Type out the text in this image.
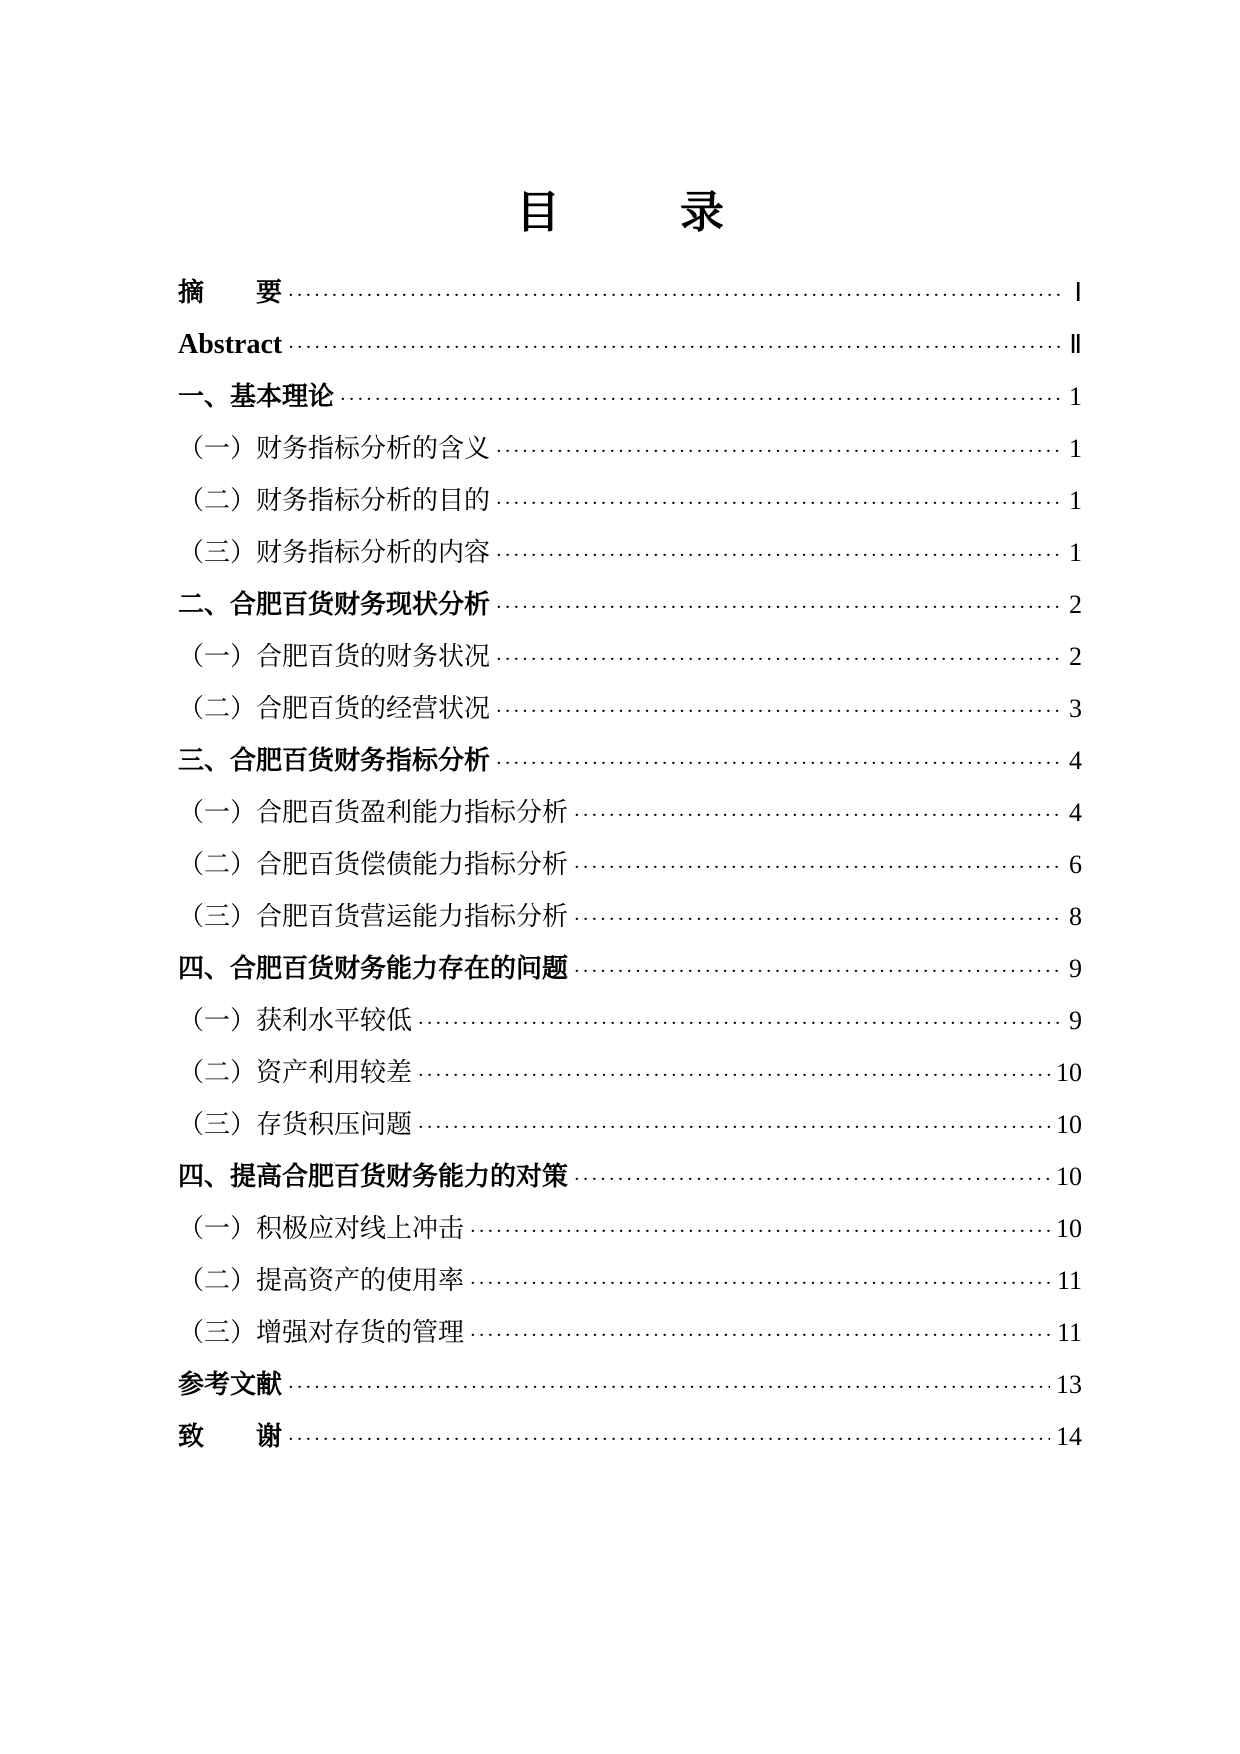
目	录
摘　　要 ·····	Ⅰ
Abstract ·····	Ⅱ
一、基本理论 ·····	1
（一）财务指标分析的含义 ·····	1
（二）财务指标分析的目的 ·····	1
（三）财务指标分析的内容 ·····	1
二、合肥百货财务现状分析 ·····	2
（一）合肥百货的财务状况 ·····	2
（二）合肥百货的经营状况 ·····	3
三、合肥百货财务指标分析 ·····	4
（一）合肥百货盈利能力指标分析 ·····	4
（二）合肥百货偿债能力指标分析 ·····	6
（三）合肥百货营运能力指标分析 ·····	8
四、合肥百货财务能力存在的问题 ·····	9
（一）获利水平较低 ·····	9
（二）资产利用较差 ·····	10
（三）存货积压问题 ·····	10
四、提高合肥百货财务能力的对策 ·····	10
（一）积极应对线上冲击 ·····	10
（二）提高资产的使用率 ·····	11
（三）增强对存货的管理 ·····	11
参考文献 ·····	13
致　　谢 ·····	14
